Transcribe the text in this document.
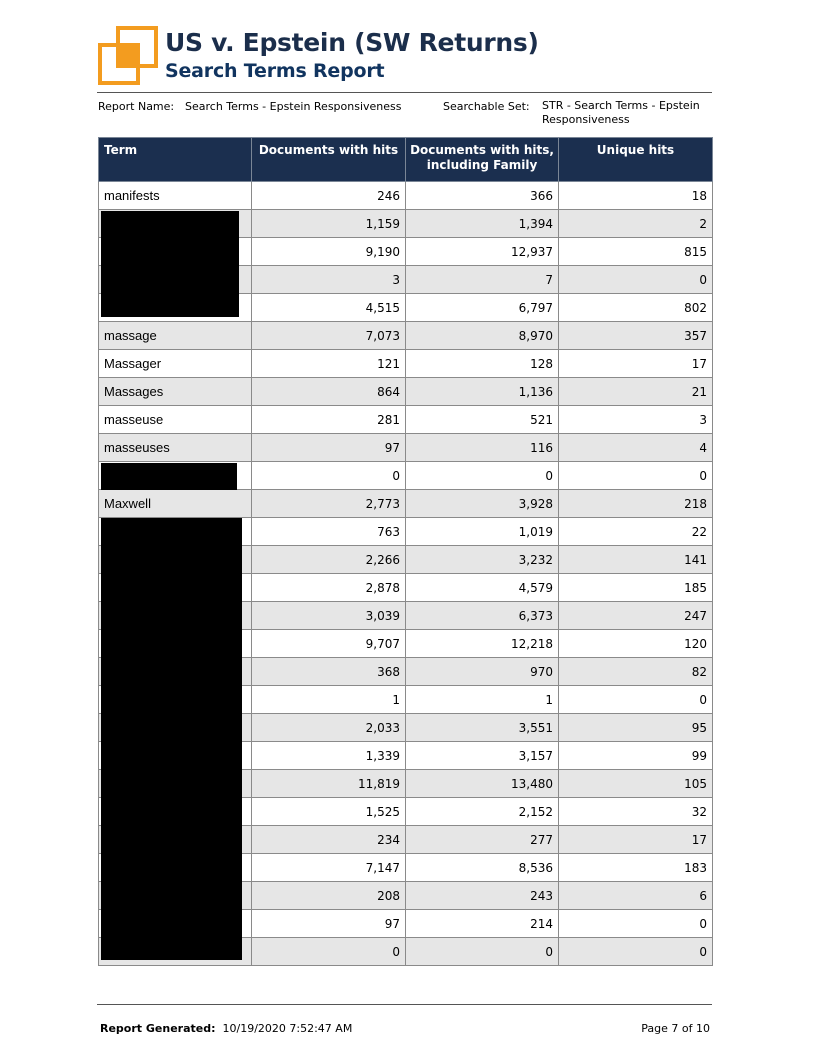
US v. Epstein (SW Returns)
Search Terms Report
Report Name: Search Terms - Epstein Responsiveness	Searchable Set: STR - Search Terms - Epstein Responsiveness
Term	Documents with hits	Documents with hits, including Family	Unique hits
manifests	246	366	18
	1,159	1,394	2
	9,190	12,937	815
	3	7	0
	4,515	6,797	802
massage	7,073	8,970	357
Massager	121	128	17
Massages	864	1,136	21
masseuse	281	521	3
masseuses	97	116	4
	0	0	0
Maxwell	2,773	3,928	218
	763	1,019	22
	2,266	3,232	141
	2,878	4,579	185
	3,039	6,373	247
	9,707	12,218	120
	368	970	82
	1	1	0
	2,033	3,551	95
	1,339	3,157	99
	11,819	13,480	105
	1,525	2,152	32
	234	277	17
	7,147	8,536	183
	208	243	6
	97	214	0
	0	0	0
Report Generated: 10/19/2020 7:52:47 AM	Page 7 of 10
